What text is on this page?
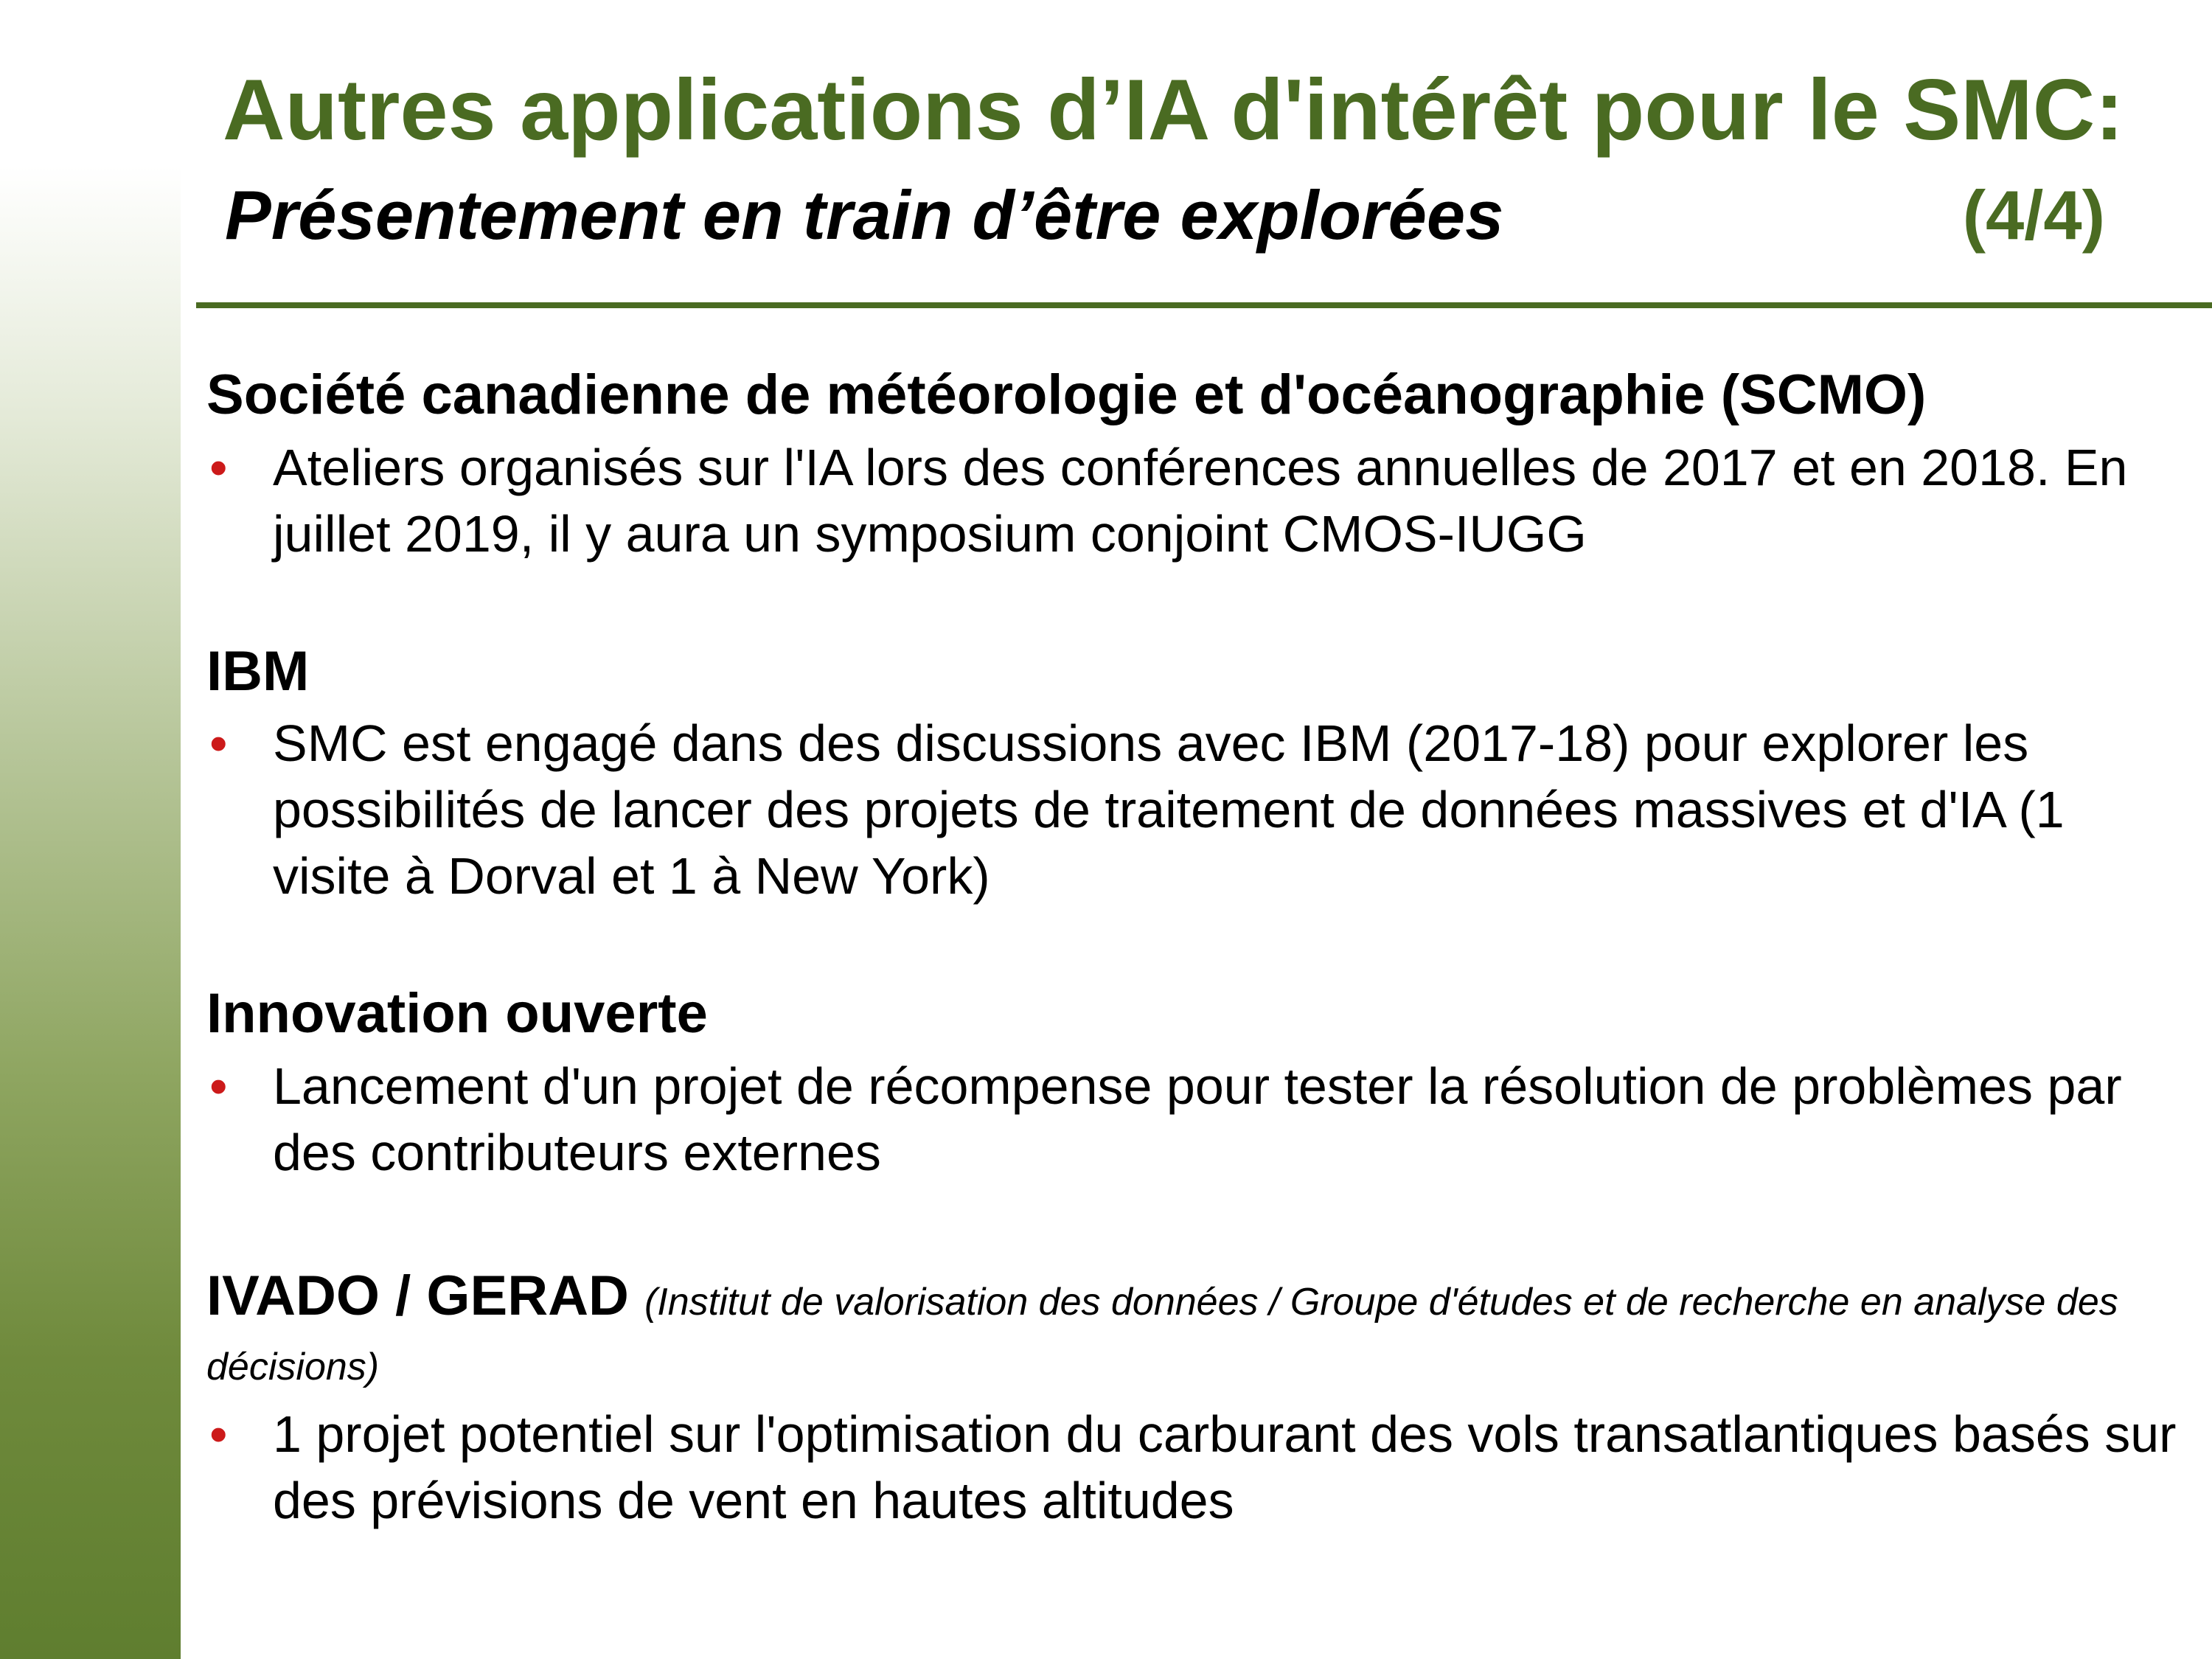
Autres applications d’IA d'intérêt pour le SMC:
Présentement en train d’être explorées	(4/4)
Société canadienne de météorologie et d'océanographie (SCMO)
• Ateliers organisés sur l'IA lors des conférences annuelles de 2017 et en 2018. En juillet 2019, il y aura un symposium conjoint CMOS-IUGG
IBM
• SMC est engagé dans des discussions avec IBM (2017-18) pour explorer les possibilités de lancer des projets de traitement de données massives et d'IA (1 visite à Dorval et 1 à New York)
Innovation ouverte
• Lancement d'un projet de récompense pour tester la résolution de problèmes par des contributeurs externes

IVADO / GERAD (Institut de valorisation des données / Groupe d'études et de recherche en analyse des décisions)

• 1 projet potentiel sur l'optimisation du carburant des vols transatlantiques basés sur des prévisions de vent en hautes altitudes
